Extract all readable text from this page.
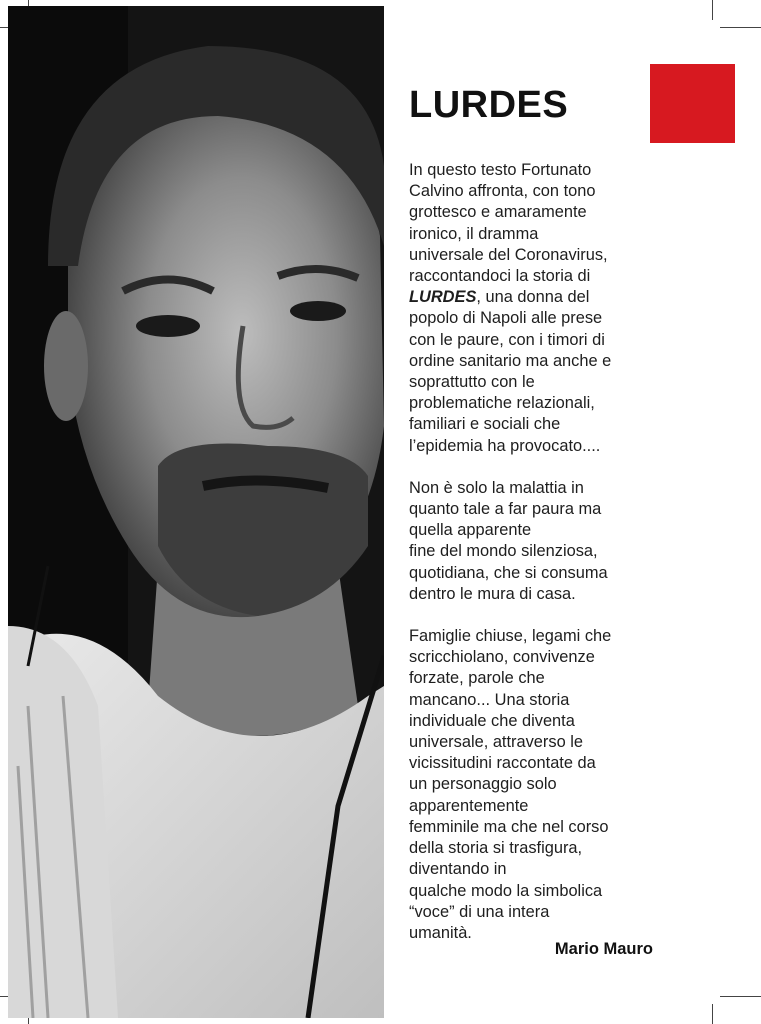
LURDES
In questo testo Fortunato
Calvino affronta, con tono
grottesco e amaramente
ironico, il dramma
universale del Coronavirus,
raccontandoci la storia di
LURDES, una donna del
popolo di Napoli alle prese
con le paure, con i timori di
ordine sanitario ma anche e
soprattutto con le
problematiche relazionali,
familiari e sociali che
l’epidemia ha provocato....
Non è solo la malattia in
quanto tale a far paura ma
quella apparente
fine del mondo silenziosa,
quotidiana, che si consuma
dentro le mura di casa.
Famiglie chiuse, legami che
scricchiolano, convivenze
forzate, parole che
mancano... Una storia
individuale che diventa
universale, attraverso le
vicissitudini raccontate da
un personaggio solo
apparentemente
femminile ma che nel corso
della storia si trasfigura,
diventando in
qualche modo la simbolica
“voce” di una intera
umanità.
Mario Mauro
